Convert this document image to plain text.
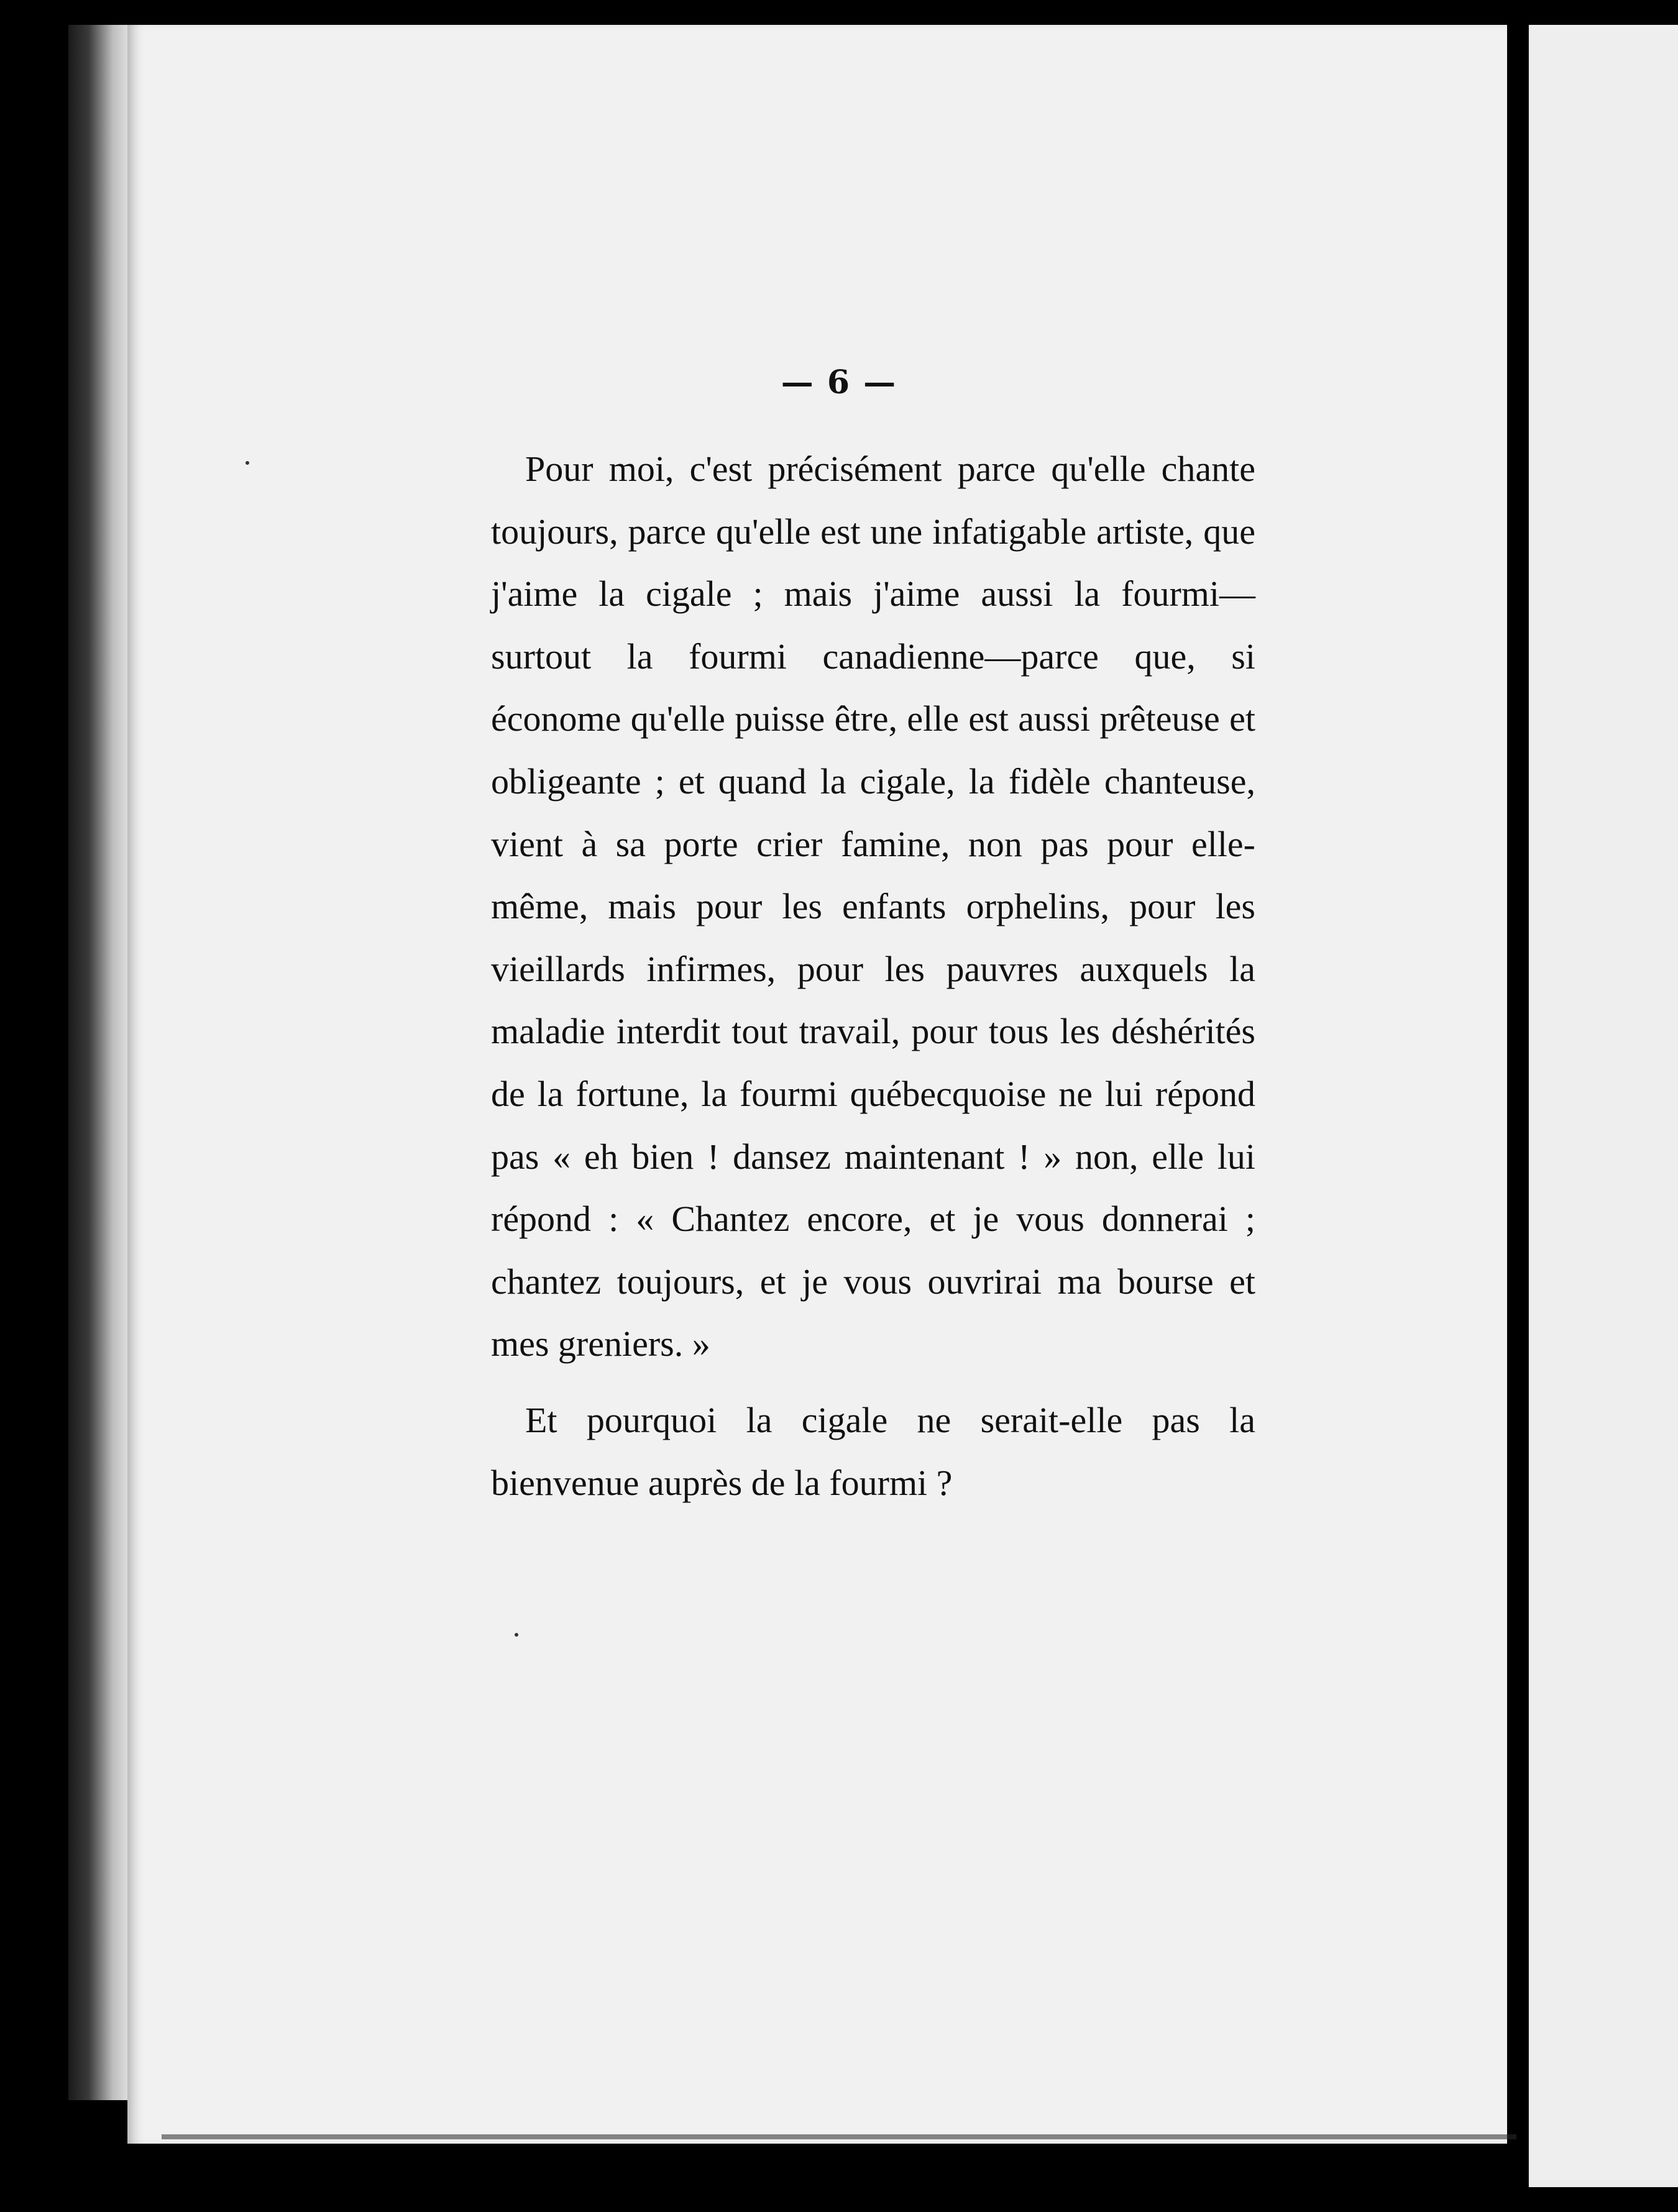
— 6 —

Pour moi, c'est précisément parce qu'elle chante toujours, parce qu'elle est une infatigable artiste, que j'aime la cigale ; mais j'aime aussi la fourmi—surtout la fourmi canadienne—parce que, si économe qu'elle puisse être, elle est aussi prêteuse et obligeante ; et quand la cigale, la fidèle chanteuse, vient à sa porte crier famine, non pas pour elle-même, mais pour les enfants orphelins, pour les vieillards infirmes, pour les pauvres auxquels la maladie interdit tout travail, pour tous les déshérités de la fortune, la fourmi québecquoise ne lui répond pas « eh bien ! dansez maintenant ! » non, elle lui répond : « Chantez encore, et je vous donnerai ; chantez toujours, et je vous ouvrirai ma bourse et mes greniers. »

Et pourquoi la cigale ne serait-elle pas la bienvenue auprès de la fourmi ?
